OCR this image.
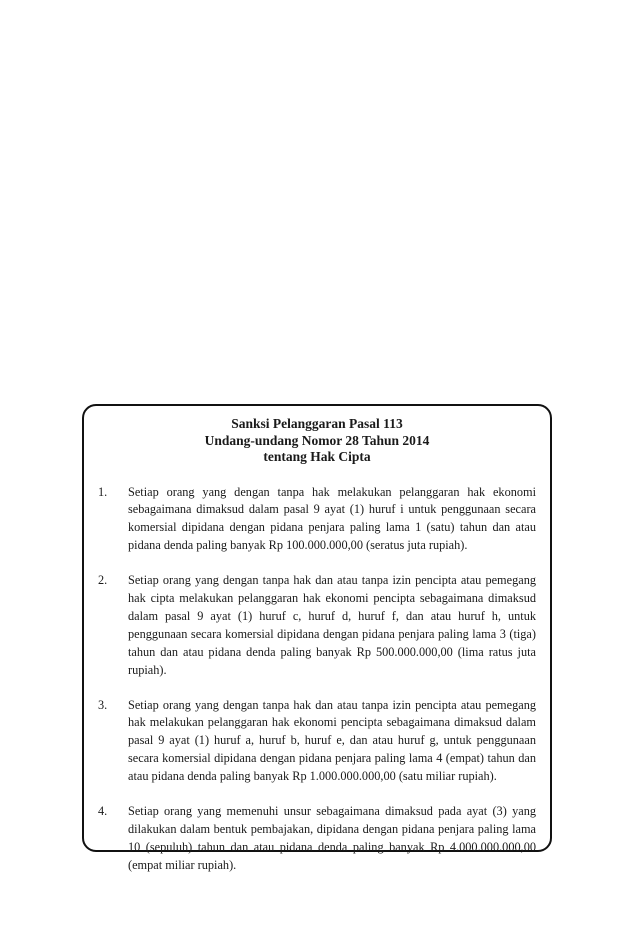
Sanksi Pelanggaran Pasal 113
Undang-undang Nomor 28 Tahun 2014
tentang Hak Cipta
1.	Setiap orang yang dengan tanpa hak melakukan pelanggaran hak ekonomi sebagaimana dimaksud dalam pasal 9 ayat (1) huruf i untuk penggunaan secara komersial dipidana dengan pidana penjara paling lama 1 (satu) tahun dan atau pidana denda paling banyak Rp 100.000.000,00 (seratus juta rupiah).
2.	Setiap orang yang dengan tanpa hak dan atau tanpa izin pencipta atau pemegang hak cipta melakukan pelanggaran hak ekonomi pencipta sebagaimana dimaksud dalam pasal 9 ayat (1) huruf c, huruf d, huruf f, dan atau huruf h, untuk penggunaan secara komersial dipidana dengan pidana penjara paling lama 3 (tiga) tahun dan atau pidana denda paling banyak Rp 500.000.000,00 (lima ratus juta rupiah).
3.	Setiap orang yang dengan tanpa hak dan atau tanpa izin pencipta atau pemegang hak melakukan pelanggaran hak ekonomi pencipta sebagaimana dimaksud dalam pasal 9 ayat (1) huruf a, huruf b, huruf e, dan atau huruf g, untuk penggunaan secara komersial dipidana dengan pidana penjara paling lama 4 (empat) tahun dan atau pidana denda paling banyak Rp 1.000.000.000,00 (satu miliar rupiah).
4.	Setiap orang yang memenuhi unsur sebagaimana dimaksud pada ayat (3) yang dilakukan dalam bentuk pembajakan, dipidana dengan pidana penjara paling lama 10 (sepuluh) tahun dan atau pidana denda paling banyak Rp 4.000.000.000,00 (empat miliar rupiah).
